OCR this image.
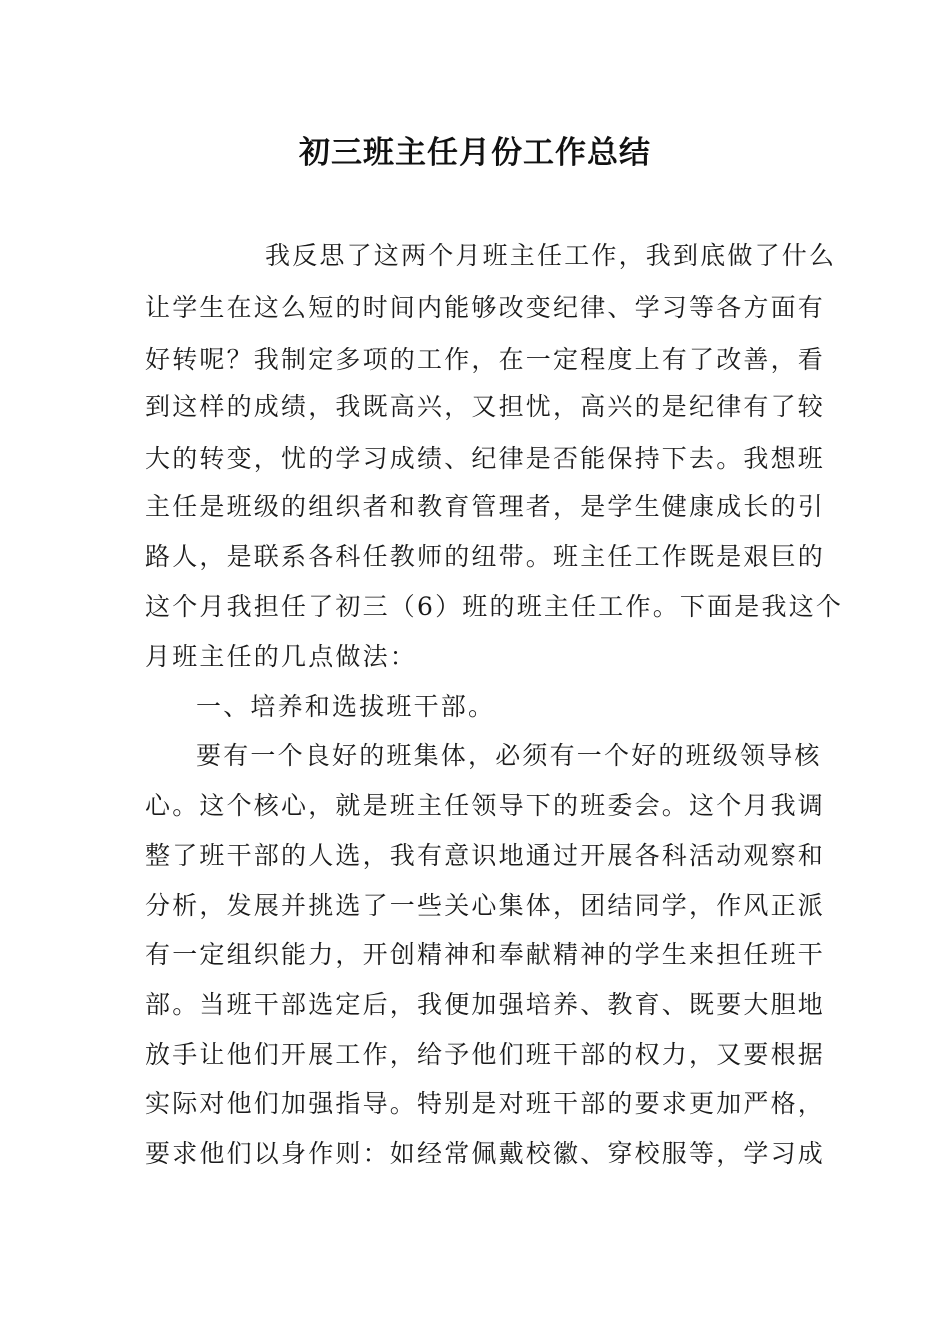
初三班主任月份工作总结
我反思了这两个月班主任工作，我到底做了什么
让学生在这么短的时间内能够改变纪律、学习等各方面有
好转呢？我制定多项的工作，在一定程度上有了改善，看
到这样的成绩，我既高兴，又担忧，高兴的是纪律有了较
大的转变，忧的学习成绩、纪律是否能保持下去。我想班
主任是班级的组织者和教育管理者，是学生健康成长的引
路人，是联系各科任教师的纽带。班主任工作既是艰巨的
这个月我担任了初三（6）班的班主任工作。下面是我这个
月班主任的几点做法：
一、培养和选拔班干部。
要有一个良好的班集体，必须有一个好的班级领导核
心。这个核心，就是班主任领导下的班委会。这个月我调
整了班干部的人选，我有意识地通过开展各科活动观察和
分析，发展并挑选了一些关心集体，团结同学，作风正派
有一定组织能力，开创精神和奉献精神的学生来担任班干
部。当班干部选定后，我便加强培养、教育、既要大胆地
放手让他们开展工作，给予他们班干部的权力，又要根据
实际对他们加强指导。特别是对班干部的要求更加严格，
要求他们以身作则：如经常佩戴校徽、穿校服等，学习成
